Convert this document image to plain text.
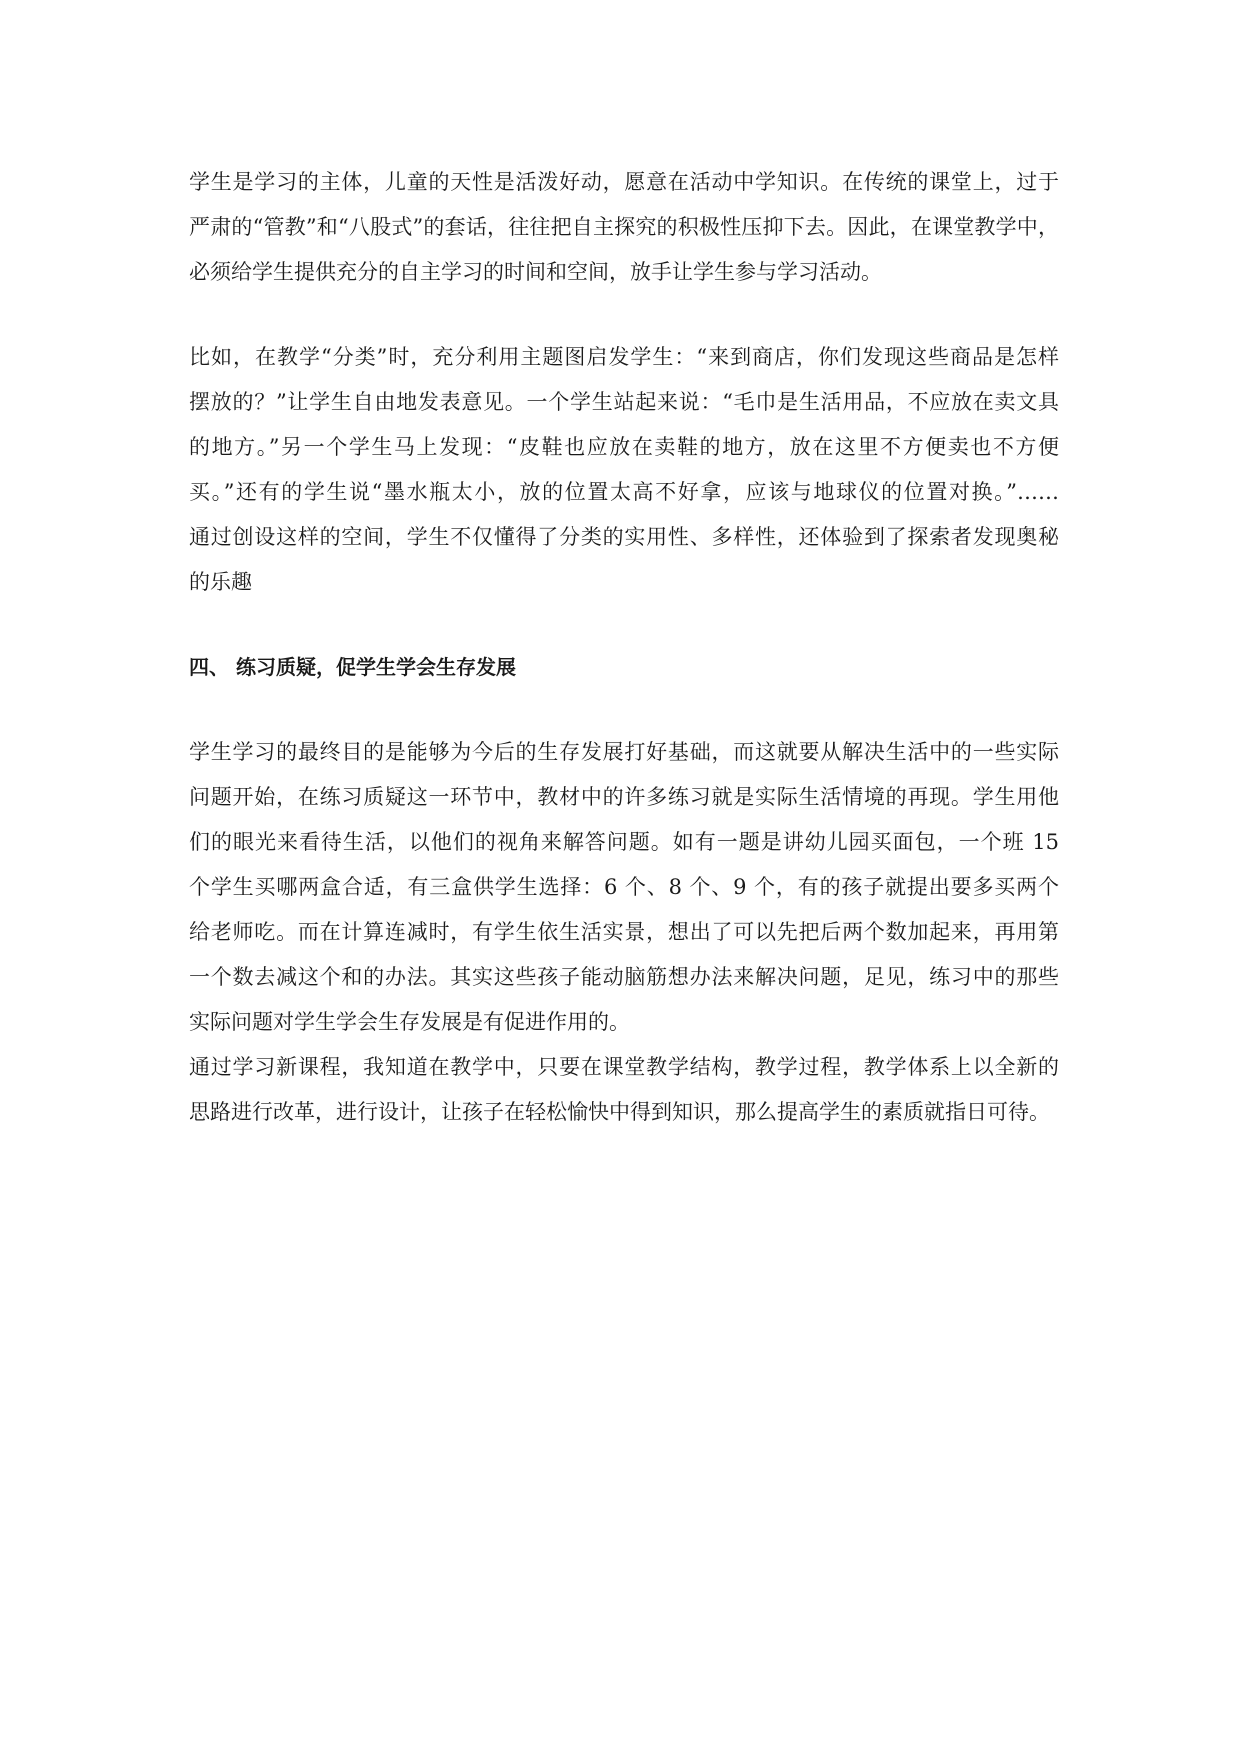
学生是学习的主体，儿童的天性是活泼好动，愿意在活动中学知识。在传统的课堂上，过于
严肃的“管教”和“八股式”的套话，往往把自主探究的积极性压抑下去。因此，在课堂教学中，
必须给学生提供充分的自主学习的时间和空间，放手让学生参与学习活动。

比如，在教学“分类”时，充分利用主题图启发学生：“来到商店，你们发现这些商品是怎样
摆放的？”让学生自由地发表意见。一个学生站起来说：“毛巾是生活用品，不应放在卖文具
的地方。”另一个学生马上发现：“皮鞋也应放在卖鞋的地方，放在这里不方便卖也不方便
买。”还有的学生说“墨水瓶太小，放的位置太高不好拿，应该与地球仪的位置对换。”……
通过创设这样的空间，学生不仅懂得了分类的实用性、多样性，还体验到了探索者发现奥秘
的乐趣

四、 练习质疑，促学生学会生存发展

学生学习的最终目的是能够为今后的生存发展打好基础，而这就要从解决生活中的一些实际
问题开始，在练习质疑这一环节中，教材中的许多练习就是实际生活情境的再现。学生用他
们的眼光来看待生活，以他们的视角来解答问题。如有一题是讲幼儿园买面包，一个班 15
个学生买哪两盒合适，有三盒供学生选择：6 个、8 个、9 个，有的孩子就提出要多买两个
给老师吃。而在计算连减时，有学生依生活实景，想出了可以先把后两个数加起来，再用第
一个数去减这个和的办法。其实这些孩子能动脑筋想办法来解决问题，足见，练习中的那些
实际问题对学生学会生存发展是有促进作用的。

通过学习新课程，我知道在教学中，只要在课堂教学结构，教学过程，教学体系上以全新的
思路进行改革，进行设计，让孩子在轻松愉快中得到知识，那么提高学生的素质就指日可待。
